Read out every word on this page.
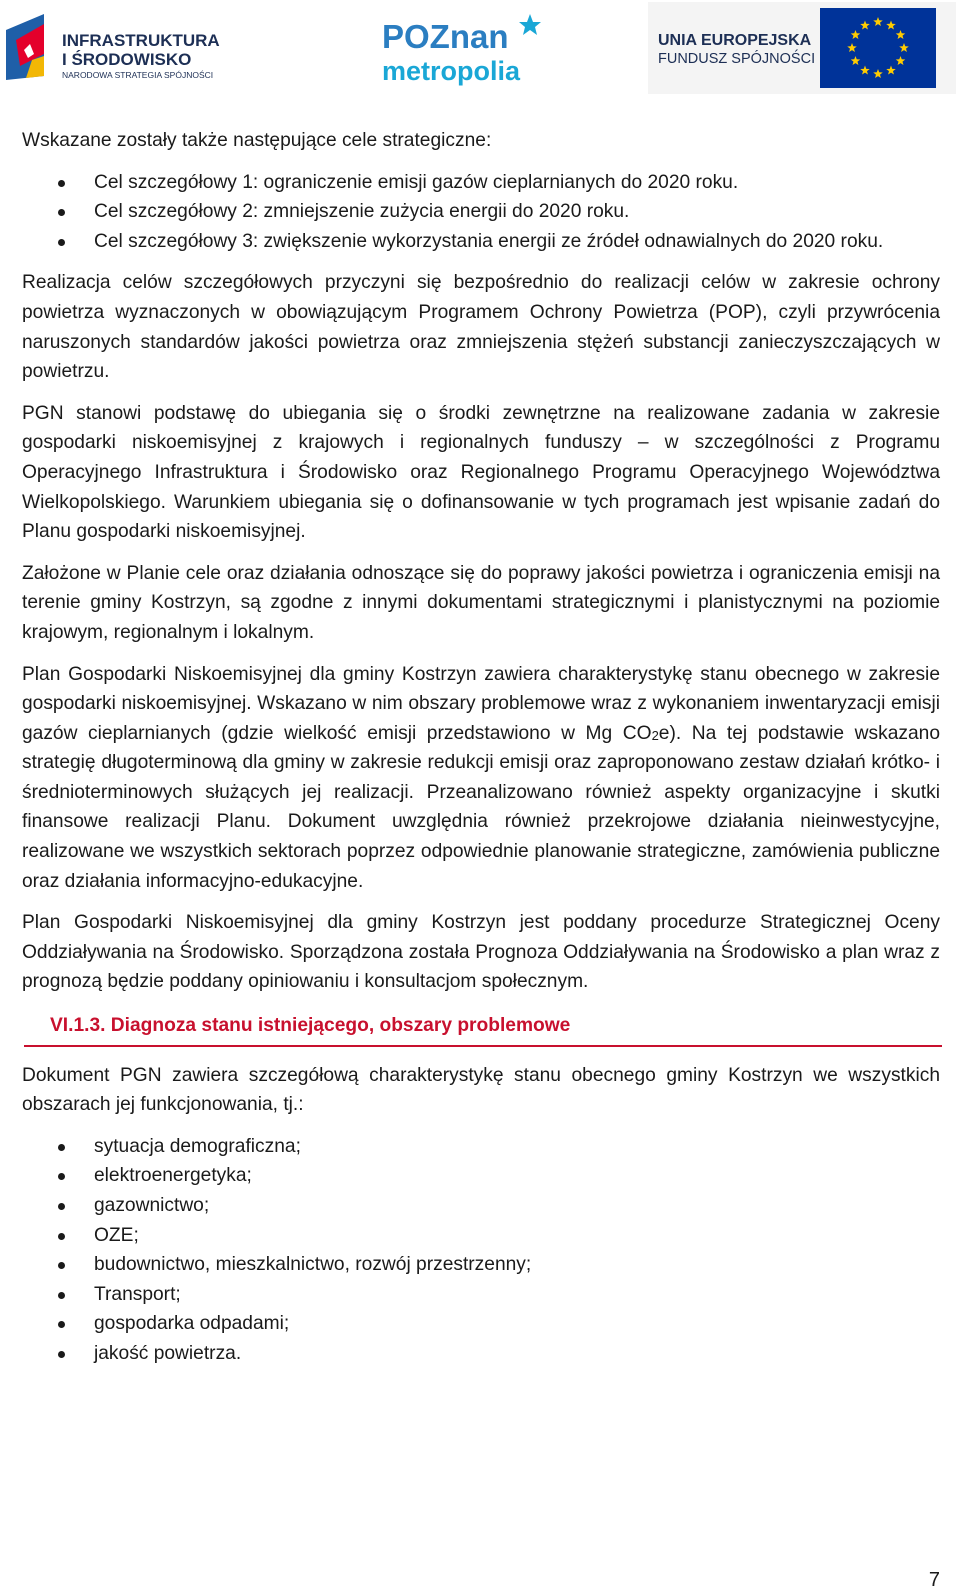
INFRASTRUKTURA
I ŚRODOWISKO
NARODOWA STRATEGIA SPÓJNOŚCI
POZnan
metropolia
UNIA EUROPEJSKA
FUNDUSZ SPÓJNOŚCI

Wskazane zostały także następujące cele strategiczne:

Cel szczegółowy 1: ograniczenie emisji gazów cieplarnianych do 2020 roku.
Cel szczegółowy 2: zmniejszenie zużycia energii do 2020 roku.
Cel szczegółowy 3: zwiększenie wykorzystania energii ze źródeł odnawialnych do 2020 roku.

Realizacja celów szczegółowych przyczyni się bezpośrednio do realizacji celów w zakresie ochrony powietrza wyznaczonych w obowiązującym Programem Ochrony Powietrza (POP), czyli przywrócenia naruszonych standardów jakości powietrza oraz zmniejszenia stężeń substancji zanieczyszczających w powietrzu.

PGN stanowi podstawę do ubiegania się o środki zewnętrzne na realizowane zadania w zakresie gospodarki niskoemisyjnej z krajowych i regionalnych funduszy – w szczególności z Programu Operacyjnego Infrastruktura i Środowisko oraz Regionalnego Programu Operacyjnego Województwa Wielkopolskiego. Warunkiem ubiegania się o dofinansowanie w tych programach jest wpisanie zadań do Planu gospodarki niskoemisyjnej.

Założone w Planie cele oraz działania odnoszące się do poprawy jakości powietrza i ograniczenia emisji na terenie gminy Kostrzyn, są zgodne z innymi dokumentami strategicznymi i planistycznymi na poziomie krajowym, regionalnym i lokalnym.

Plan Gospodarki Niskoemisyjnej dla gminy Kostrzyn zawiera charakterystykę stanu obecnego w zakresie gospodarki niskoemisyjnej. Wskazano w nim obszary problemowe wraz z wykonaniem inwentaryzacji emisji gazów cieplarnianych (gdzie wielkość emisji przedstawiono w Mg $CO_2e$). Na tej podstawie wskazano strategię długoterminową dla gminy w zakresie redukcji emisji oraz zaproponowano zestaw działań krótko- i średnioterminowych służących jej realizacji. Przeanalizowano również aspekty organizacyjne i skutki finansowe realizacji Planu. Dokument uwzględnia również przekrojowe działania nieinwestycyjne, realizowane we wszystkich sektorach poprzez odpowiednie planowanie strategiczne, zamówienia publiczne oraz działania informacyjno-edukacyjne.

Plan Gospodarki Niskoemisyjnej dla gminy Kostrzyn jest poddany procedurze Strategicznej Oceny Oddziaływania na Środowisko. Sporządzona została Prognoza Oddziaływania na Środowisko a plan wraz z prognozą będzie poddany opiniowaniu i konsultacjom społecznym.

VI.1.3. Diagnoza stanu istniejącego, obszary problemowe

Dokument PGN zawiera szczegółową charakterystykę stanu obecnego gminy Kostrzyn we wszystkich obszarach jej funkcjonowania, tj.:

sytuacja demograficzna;
elektroenergetyka;
gazownictwo;
OZE;
budownictwo, mieszkalnictwo, rozwój przestrzenny;
Transport;
gospodarka odpadami;
jakość powietrza.
7
